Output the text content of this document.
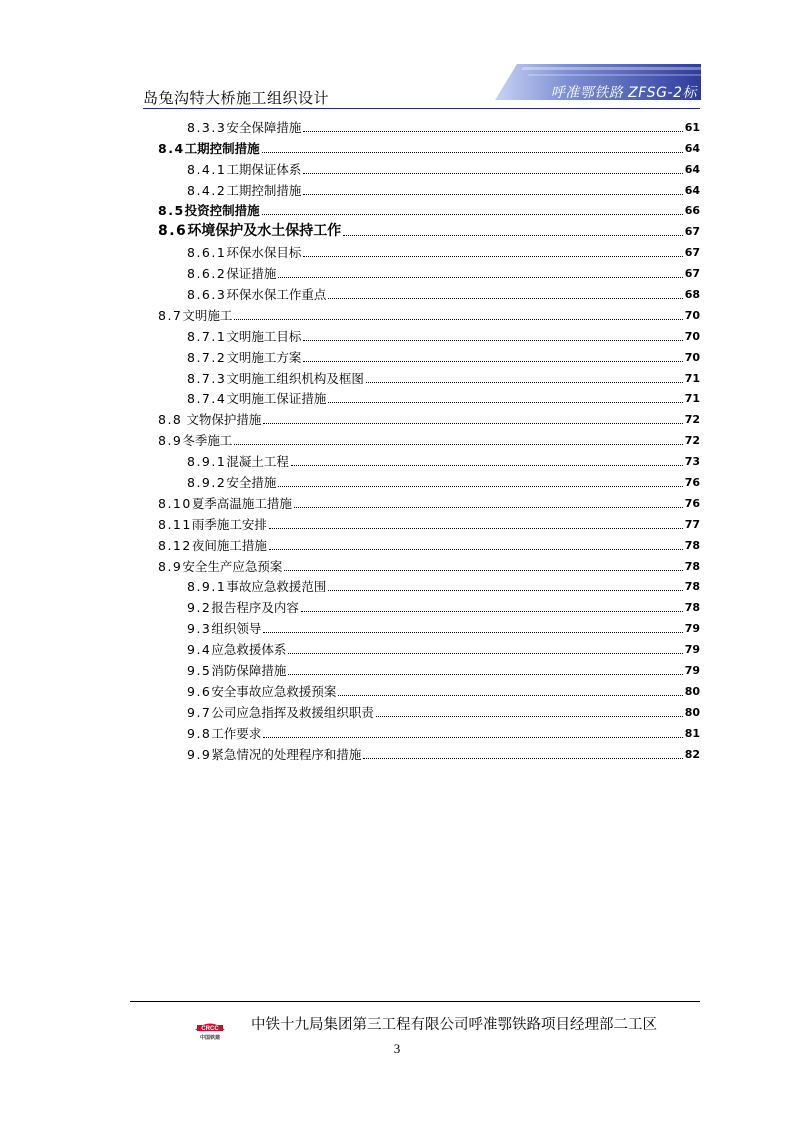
岛兔沟特大桥施工组织设计	呼准鄂铁路 ZFSG-2标
8.3.3 安全保障措施	61
8.4 工期控制措施	64
8.4.1 工期保证体系	64
8.4.2 工期控制措施	64
8.5 投资控制措施	66
8.6 环境保护及水土保持工作	67
8.6.1 环保水保目标	67
8.6.2 保证措施	67
8.6.3 环保水保工作重点	68
8.7 文明施工	70
8.7.1 文明施工目标	70
8.7.2 文明施工方案	70
8.7.3 文明施工组织机构及框图	71
8.7.4 文明施工保证措施	71
8.8 文物保护措施	72
8.9 冬季施工	72
8.9.1 混凝土工程	73
8.9.2 安全措施	76
8.10 夏季高温施工措施	76
8.11 雨季施工安排	77
8.12 夜间施工措施	78
8.9 安全生产应急预案	78
8.9.1 事故应急救援范围	78
9.2 报告程序及内容	78
9.3 组织领导	79
9.4 应急救援体系	79
9.5 消防保障措施	79
9.6 安全事故应急救援预案	80
9.7 公司应急指挥及救援组织职责	80
9.8 工作要求	81
9.9 紧急情况的处理程序和措施	82
CRCC
中国铁建
中铁十九局集团第三工程有限公司呼准鄂铁路项目经理部二工区
3
